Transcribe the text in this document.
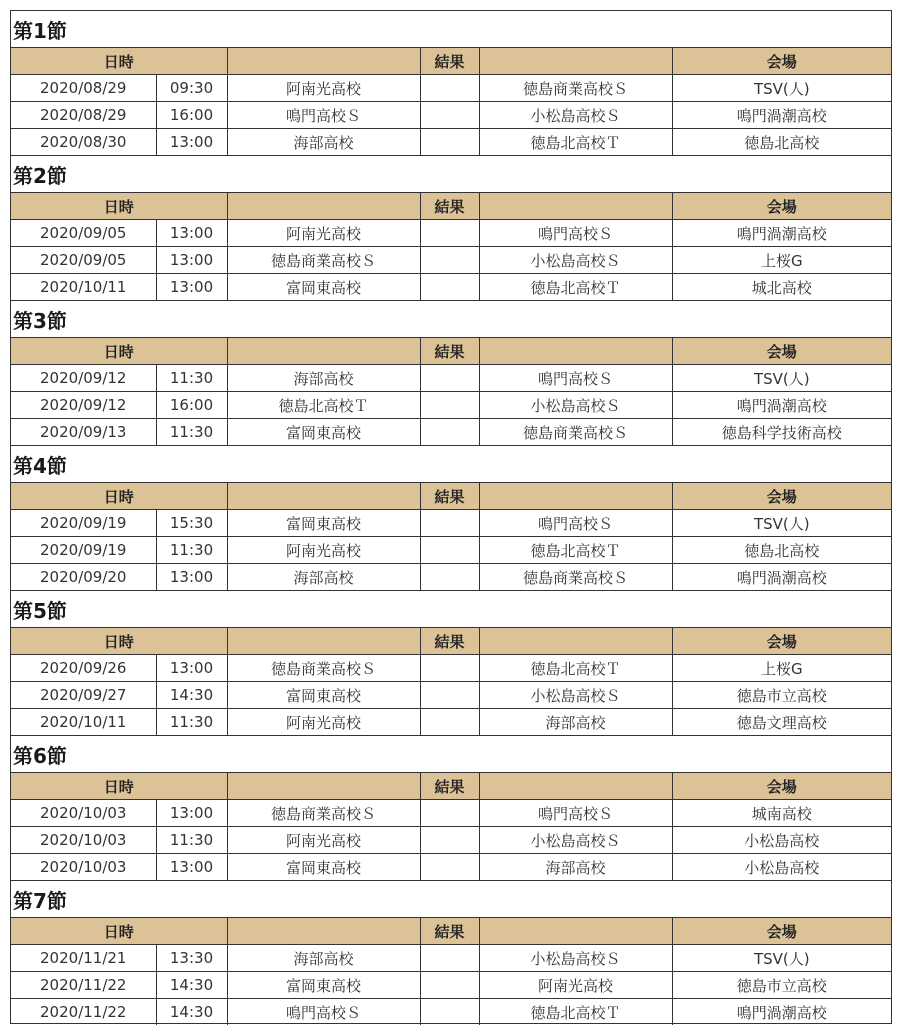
第1節
日時			結果		会場
2020/08/29	09:30	阿南光高校		徳島商業高校Ｓ	TSV(人)
2020/08/29	16:00	鳴門高校Ｓ		小松島高校Ｓ	鳴門渦潮高校
2020/08/30	13:00	海部高校		徳島北高校Ｔ	徳島北高校
第2節
日時			結果		会場
2020/09/05	13:00	阿南光高校		鳴門高校Ｓ	鳴門渦潮高校
2020/09/05	13:00	徳島商業高校Ｓ		小松島高校Ｓ	上桜G
2020/10/11	13:00	富岡東高校		徳島北高校Ｔ	城北高校
第3節
日時			結果		会場
2020/09/12	11:30	海部高校		鳴門高校Ｓ	TSV(人)
2020/09/12	16:00	徳島北高校Ｔ		小松島高校Ｓ	鳴門渦潮高校
2020/09/13	11:30	富岡東高校		徳島商業高校Ｓ	徳島科学技術高校
第4節
日時			結果		会場
2020/09/19	15:30	富岡東高校		鳴門高校Ｓ	TSV(人)
2020/09/19	11:30	阿南光高校		徳島北高校Ｔ	徳島北高校
2020/09/20	13:00	海部高校		徳島商業高校Ｓ	鳴門渦潮高校
第5節
日時			結果		会場
2020/09/26	13:00	徳島商業高校Ｓ		徳島北高校Ｔ	上桜G
2020/09/27	14:30	富岡東高校		小松島高校Ｓ	徳島市立高校
2020/10/11	11:30	阿南光高校		海部高校	徳島文理高校
第6節
日時			結果		会場
2020/10/03	13:00	徳島商業高校Ｓ		鳴門高校Ｓ	城南高校
2020/10/03	11:30	阿南光高校		小松島高校Ｓ	小松島高校
2020/10/03	13:00	富岡東高校		海部高校	小松島高校
第7節
日時			結果		会場
2020/11/21	13:30	海部高校		小松島高校Ｓ	TSV(人)
2020/11/22	14:30	富岡東高校		阿南光高校	徳島市立高校
2020/11/22	14:30	鳴門高校Ｓ		徳島北高校Ｔ	鳴門渦潮高校
